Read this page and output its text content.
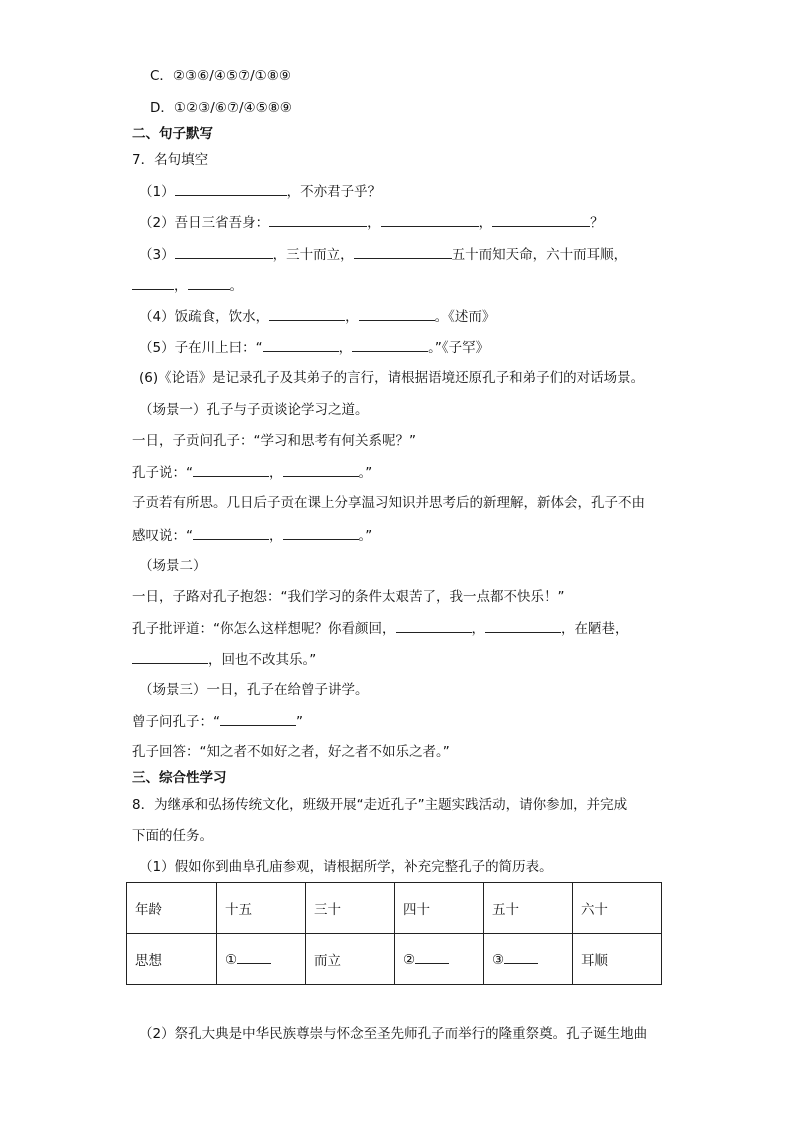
C．②③⑥/④⑤⑦/①⑧⑨
D．①②③/⑥⑦/④⑤⑧⑨
二、句子默写
7．名句填空
（1）	，不亦君子乎？
（2）吾日三省吾身：	，	，	？
（3）	，三十而立，	五十而知天命，六十而耳顺，
，	。
（4）饭疏食，饮水，	，	。《述而》
（5）子在川上曰：“	，	。”《子罕》
(6)《论语》是记录孔子及其弟子的言行，请根据语境还原孔子和弟子们的对话场景。
（场景一）孔子与子贡谈论学习之道。
一日，子贡问孔子：“学习和思考有何关系呢？”
孔子说：“	，	。”
子贡若有所思。几日后子贡在课上分享温习知识并思考后的新理解，新体会，孔子不由
感叹说：“	，	。”
（场景二）
一日，子路对孔子抱怨：“我们学习的条件太艰苦了，我一点都不快乐！”
孔子批评道：“你怎么这样想呢？你看颜回，	，	，在陋巷，
，回也不改其乐。”
（场景三）一日，孔子在给曾子讲学。
曾子问孔子：“	”
孔子回答：“知之者不如好之者，好之者不如乐之者。”
三、综合性学习
8．为继承和弘扬传统文化，班级开展“走近孔子”主题实践活动，请你参加，并完成
下面的任务。
（1）假如你到曲阜孔庙参观，请根据所学，补充完整孔子的简历表。
年龄	十五	三十	四十	五十	六十
思想	①	而立	②	③	耳顺
（2）祭孔大典是中华民族尊崇与怀念至圣先师孔子而举行的隆重祭奠。孔子诞生地曲
